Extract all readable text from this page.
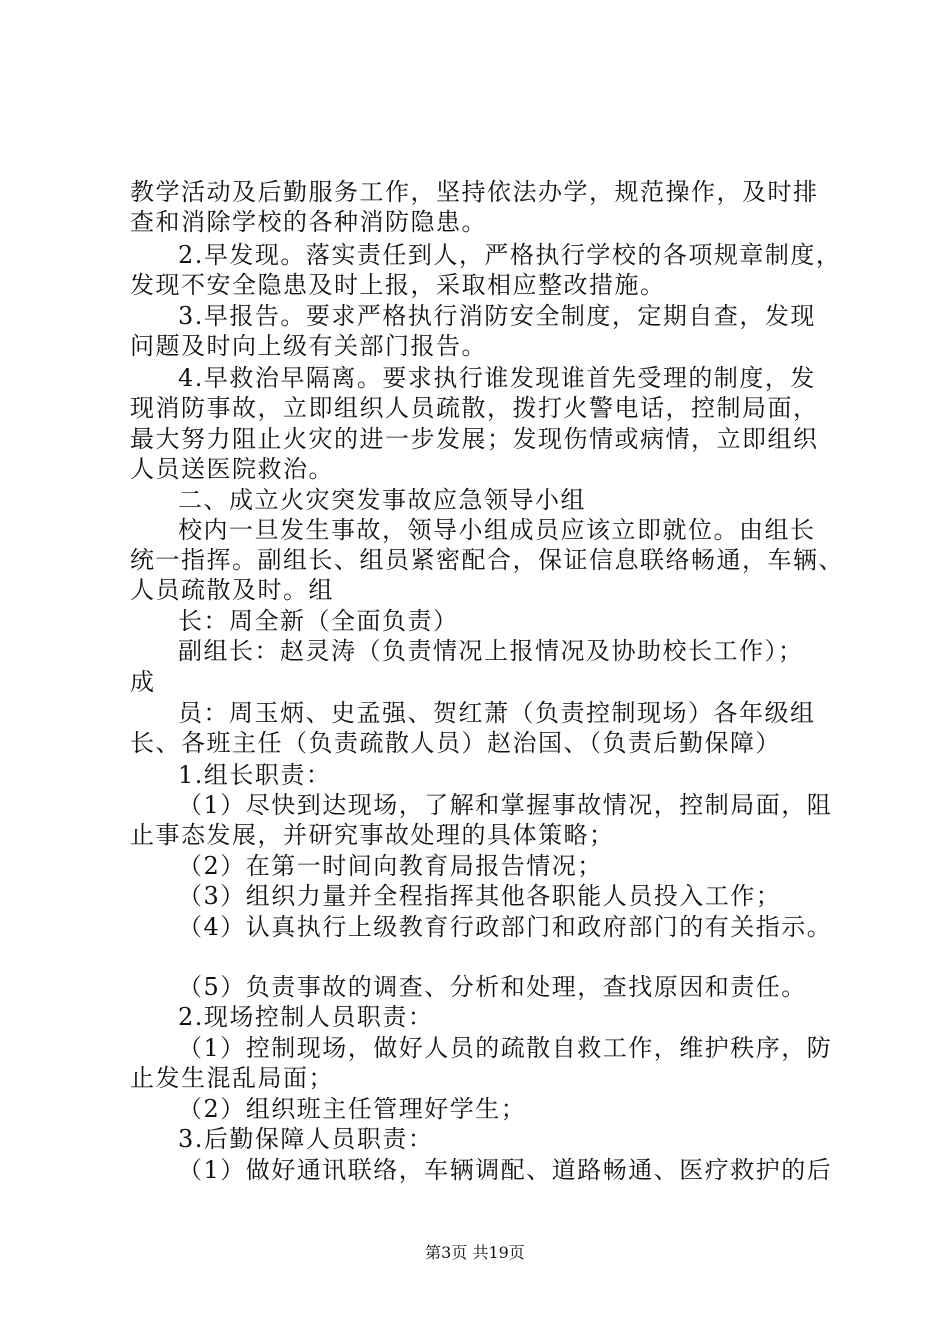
教学活动及后勤服务工作，坚持依法办学，规范操作，及时排
查和消除学校的各种消防隐患。
2.早发现。落实责任到人，严格执行学校的各项规章制度，
发现不安全隐患及时上报，采取相应整改措施。
3.早报告。要求严格执行消防安全制度，定期自查，发现
问题及时向上级有关部门报告。
4.早救治早隔离。要求执行谁发现谁首先受理的制度，发
现消防事故，立即组织人员疏散，拨打火警电话，控制局面，
最大努力阻止火灾的进一步发展；发现伤情或病情，立即组织
人员送医院救治。
二、成立火灾突发事故应急领导小组
校内一旦发生事故，领导小组成员应该立即就位。由组长
统一指挥。副组长、组员紧密配合，保证信息联络畅通，车辆、
人员疏散及时。组
长：周全新（全面负责）
副组长：赵灵涛（负责情况上报情况及协助校长工作）；
成
员：周玉炳、史孟强、贺红萧（负责控制现场）各年级组
长、各班主任（负责疏散人员）赵治国、（负责后勤保障）
1.组长职责：
（1）尽快到达现场，了解和掌握事故情况，控制局面，阻
止事态发展，并研究事故处理的具体策略；
（2）在第一时间向教育局报告情况；
（3）组织力量并全程指挥其他各职能人员投入工作；
（4）认真执行上级教育行政部门和政府部门的有关指示。
（5）负责事故的调查、分析和处理，查找原因和责任。
2.现场控制人员职责：
（1）控制现场，做好人员的疏散自救工作，维护秩序，防
止发生混乱局面；
（2）组织班主任管理好学生；
3.后勤保障人员职责：
（1）做好通讯联络，车辆调配、道路畅通、医疗救护的后
第3页 共19页
